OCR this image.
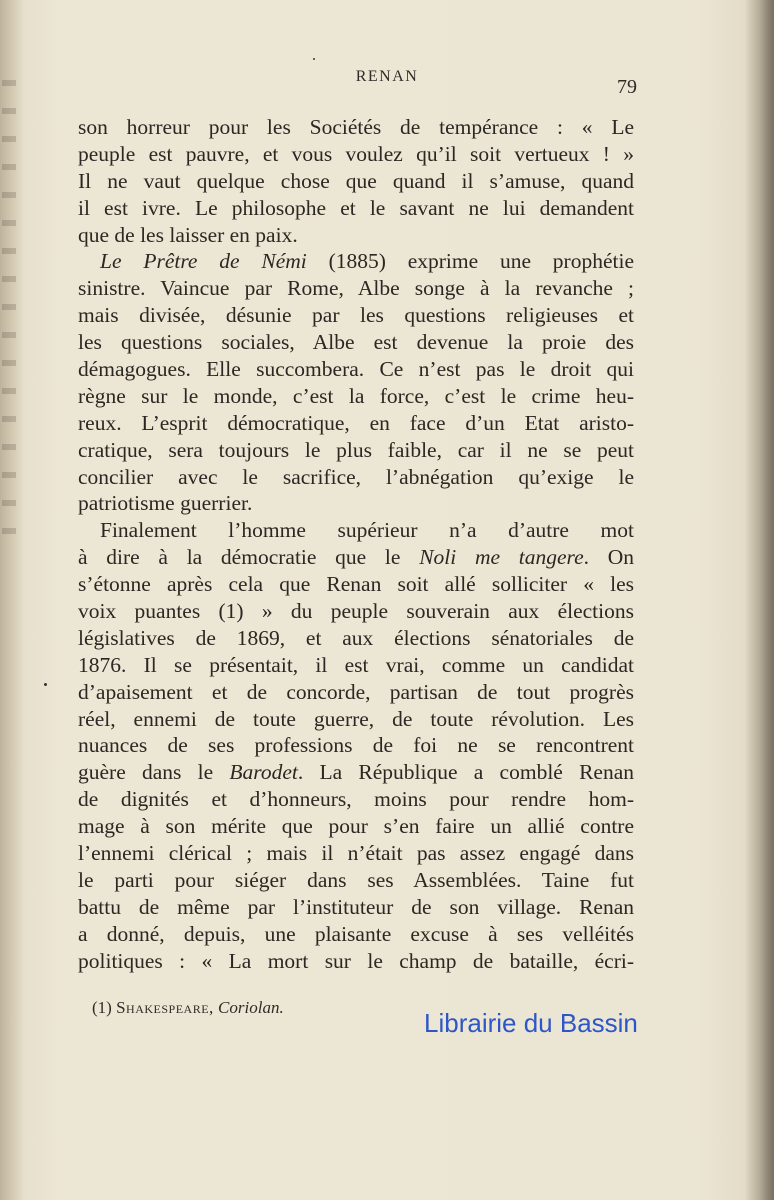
RENAN	79
son horreur pour les Sociétés de tempérance : « Le
peuple est pauvre, et vous voulez qu’il soit vertueux ! »
Il ne vaut quelque chose que quand il s’amuse, quand
il est ivre. Le philosophe et le savant ne lui demandent
que de les laisser en paix.
Le Prêtre de Némi (1885) exprime une prophétie
sinistre. Vaincue par Rome, Albe songe à la revanche ;
mais divisée, désunie par les questions religieuses et
les questions sociales, Albe est devenue la proie des
démagogues. Elle succombera. Ce n’est pas le droit qui
règne sur le monde, c’est la force, c’est le crime heu-
reux. L’esprit démocratique, en face d’un Etat aristo-
cratique, sera toujours le plus faible, car il ne se peut
concilier avec le sacrifice, l’abnégation qu’exige le
patriotisme guerrier.
Finalement l’homme supérieur n’a d’autre mot
à dire à la démocratie que le Noli me tangere. On
s’étonne après cela que Renan soit allé solliciter « les
voix puantes (1) » du peuple souverain aux élections
législatives de 1869, et aux élections sénatoriales de
1876. Il se présentait, il est vrai, comme un candidat
d’apaisement et de concorde, partisan de tout progrès
réel, ennemi de toute guerre, de toute révolution. Les
nuances de ses professions de foi ne se rencontrent
guère dans le Barodet. La République a comblé Renan
de dignités et d’honneurs, moins pour rendre hom-
mage à son mérite que pour s’en faire un allié contre
l’ennemi clérical ; mais il n’était pas assez engagé dans
le parti pour siéger dans ses Assemblées. Taine fut
battu de même par l’instituteur de son village. Renan
a donné, depuis, une plaisante excuse à ses velléités
politiques : « La mort sur le champ de bataille, écri-
(1) Shakespeare, Coriolan.
Librairie du Bassin
